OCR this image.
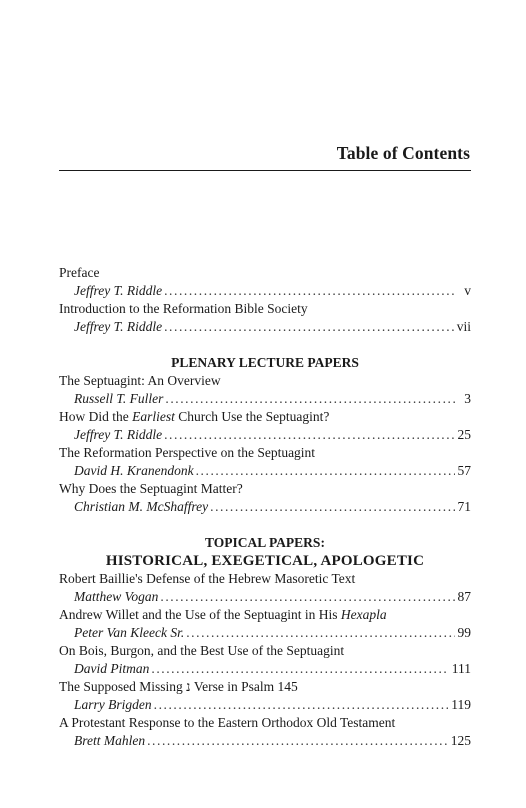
Table of Contents
Preface
Jeffrey T. Riddle . . .	v
Introduction to the Reformation Bible Society
Jeffrey T. Riddle . . .	vii
PLENARY LECTURE PAPERS
The Septuagint: An Overview
Russell T. Fuller . . .	3
How Did the Earliest Church Use the Septuagint?
Jeffrey T. Riddle . . .	25
The Reformation Perspective on the Septuagint
David H. Kranendonk . . .	57
Why Does the Septuagint Matter?
Christian M. McShaffrey . . .	71
TOPICAL PAPERS:
HISTORICAL, EXEGETICAL, APOLOGETIC
Robert Baillie's Defense of the Hebrew Masoretic Text
Matthew Vogan . . .	87
Andrew Willet and the Use of the Septuagint in His Hexapla
Peter Van Kleeck Sr. . . .	99
On Bois, Burgon, and the Best Use of the Septuagint
David Pitman . . .	111
The Supposed Missing נ Verse in Psalm 145
Larry Brigden . . .	119
A Protestant Response to the Eastern Orthodox Old Testament
Brett Mahlen . . .	125
